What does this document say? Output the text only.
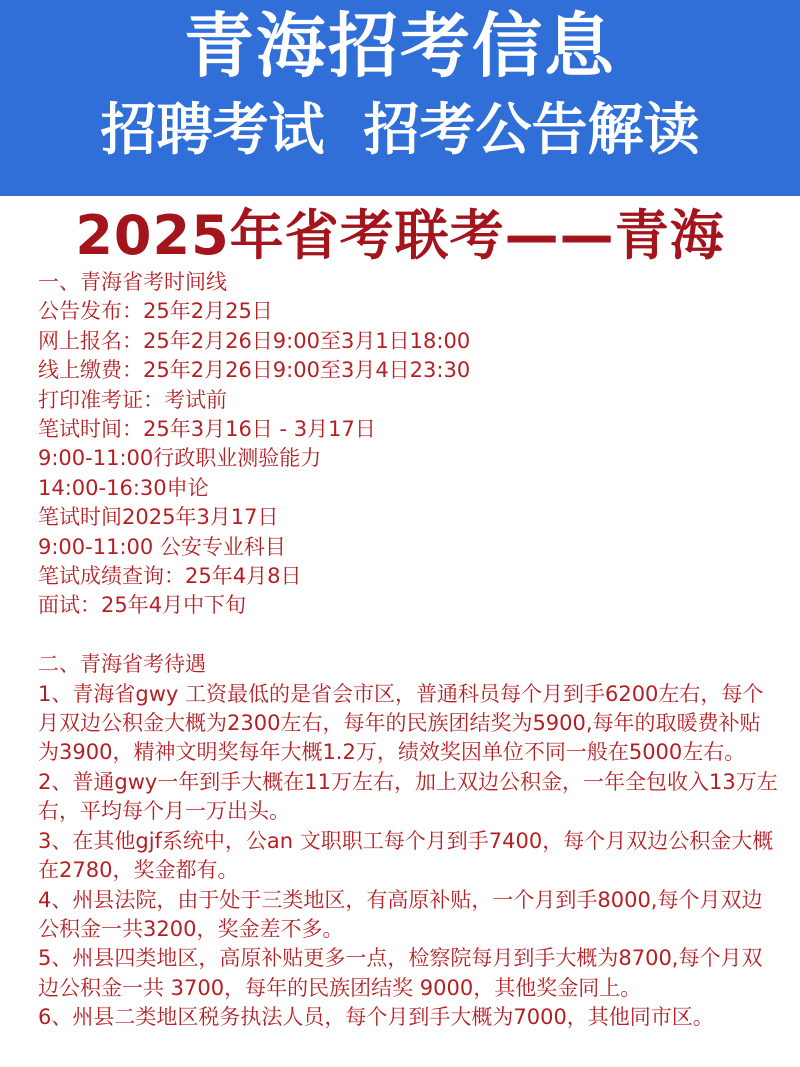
青海招考信息
招聘考试  招考公告解读
2025年省考联考——青海
一、青海省考时间线
公告发布：25年2月25日
网上报名：25年2月26日9:00至3月1日18:00
线上缴费：25年2月26日9:00至3月4日23:30
打印准考证：考试前
笔试时间：25年3月16日 - 3月17日
9:00-11:00行政职业测验能力
14:00-16:30申论
笔试时间2025年3月17日
9:00-11:00 公安专业科目
笔试成绩查询：25年4月8日
面试：25年4月中下旬
二、青海省考待遇
1、青海省gwy 工资最低的是省会市区，普通科员每个月到手6200左右，每个月双边公积金大概为2300左右，每年的民族团结奖为5900,每年的取暖费补贴为3900，精神文明奖每年大概1.2万，绩效奖因单位不同一般在5000左右。
2、普通gwy一年到手大概在11万左右，加上双边公积金，一年全包收入13万左右，平均每个月一万出头。
3、在其他gjf系统中，公an 文职职工每个月到手7400，每个月双边公积金大概在2780，奖金都有。
4、州县法院，由于处于三类地区，有高原补贴，一个月到手8000,每个月双边公积金一共3200，奖金差不多。
5、州县四类地区，高原补贴更多一点，检察院每月到手大概为8700,每个月双边公积金一共 3700，每年的民族团结奖 9000，其他奖金同上。
6、州县二类地区税务执法人员，每个月到手大概为7000，其他同市区。
